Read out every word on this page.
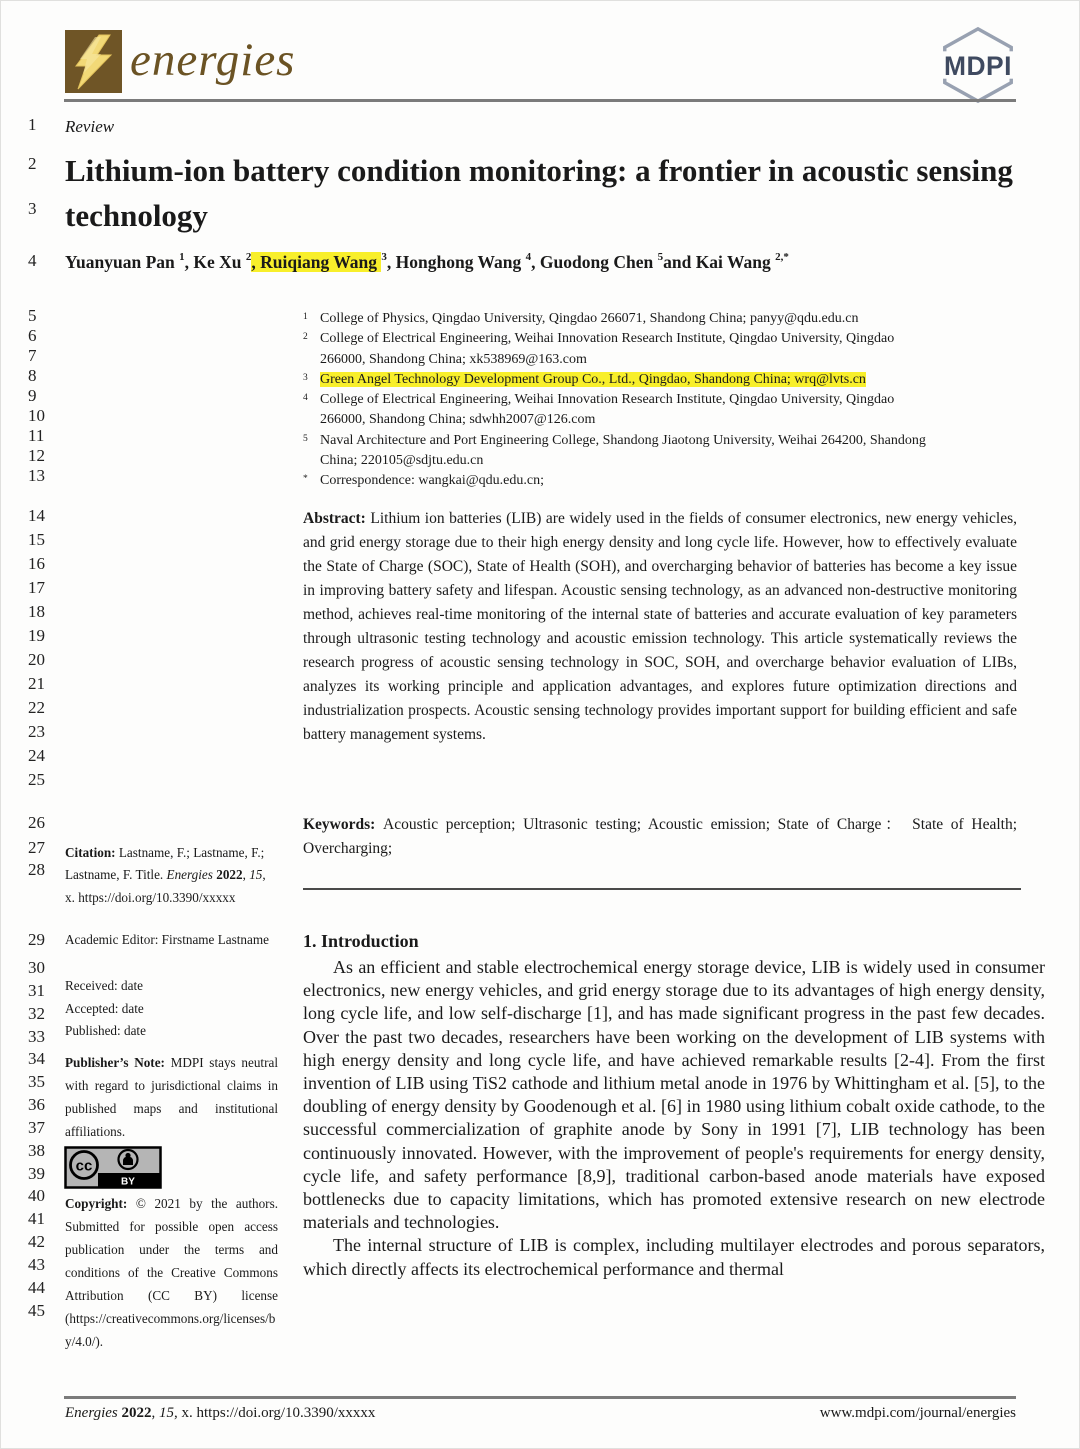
energies	MDPI
1
2
3
4
5
6
7
8
9
10
11
12
13
14
15
16
17
18
19
20
21
22
23
24
25
26
27
28
29
30
31
32
33
34
35
36
37
38
39
40
41
42
43
44
45
Review
Lithium-ion battery condition monitoring: a frontier in acoustic sensing technology
Yuanyuan Pan $^1$, Ke Xu $^2$, Ruiqiang Wang $^3$, Honghong Wang $^4$, Guodong Chen $^5$and Kai Wang $^{2,*}$
1 College of Physics, Qingdao University, Qingdao 266071, Shandong China; panyy@qdu.edu.cn
2 College of Electrical Engineering, Weihai Innovation Research Institute, Qingdao University, Qingdao
266000, Shandong China; xk538969@163.com
3 Green Angel Technology Development Group Co., Ltd., Qingdao, Shandong China; wrq@lvts.cn
4 College of Electrical Engineering, Weihai Innovation Research Institute, Qingdao University, Qingdao
266000, Shandong China; sdwhh2007@126.com
5 Naval Architecture and Port Engineering College, Shandong Jiaotong University, Weihai 264200, Shandong
China; 220105@sdjtu.edu.cn
* Correspondence: wangkai@qdu.edu.cn;
Abstract: Lithium ion batteries (LIB) are widely used in the fields of consumer electronics, new energy vehicles, and grid energy storage due to their high energy density and long cycle life. However, how to effectively evaluate the State of Charge (SOC), State of Health (SOH), and overcharging behavior of batteries has become a key issue in improving battery safety and lifespan. Acoustic sensing technology, as an advanced non-destructive monitoring method, achieves real-time monitoring of the internal state of batteries and accurate evaluation of key parameters through ultrasonic testing technology and acoustic emission technology. This article systematically reviews the research progress of acoustic sensing technology in SOC, SOH, and overcharge behavior evaluation of LIBs, analyzes its working principle and application advantages, and explores future optimization directions and industrialization prospects. Acoustic sensing technology provides important support for building efficient and safe battery management systems.
Keywords: Acoustic perception; Ultrasonic testing; Acoustic emission; State of Charge： State of Health; Overcharging;
Citation: Lastname, F.; Lastname, F.; Lastname, F. Title. Energies 2022, 15, x. https://doi.org/10.3390/xxxxx
Academic Editor: Firstname Lastname
Received: date
Accepted: date
Published: date
Publisher’s Note: MDPI stays neutral with regard to jurisdictional claims in published maps and institutional affiliations.
cc
BY
Copyright: © 2021 by the authors. Submitted for possible open access publication under the terms and conditions of the Creative Commons Attribution (CC BY) license (https://creativecommons.org/licenses/by/4.0/).
1. Introduction

As an efficient and stable electrochemical energy storage device, LIB is widely used in consumer electronics, new energy vehicles, and grid energy storage due to its advantages of high energy density, long cycle life, and low self-discharge [1], and has made significant progress in the past few decades. Over the past two decades, researchers have been working on the development of LIB systems with high energy density and long cycle life, and have achieved remarkable results [2-4]. From the first invention of LIB using TiS2 cathode and lithium metal anode in 1976 by Whittingham et al. [5], to the doubling of energy density by Goodenough et al. [6] in 1980 using lithium cobalt oxide cathode, to the successful commercialization of graphite anode by Sony in 1991 [7], LIB technology has been continuously innovated. However, with the improvement of people's requirements for energy density, cycle life, and safety performance [8,9], traditional carbon-based anode materials have exposed bottlenecks due to capacity limitations, which has promoted extensive research on new electrode materials and technologies.

The internal structure of LIB is complex, including multilayer electrodes and porous separators, which directly affects its electrochemical performance and thermal

Energies 2022, 15, x. https://doi.org/10.3390/xxxxx	www.mdpi.com/journal/energies
